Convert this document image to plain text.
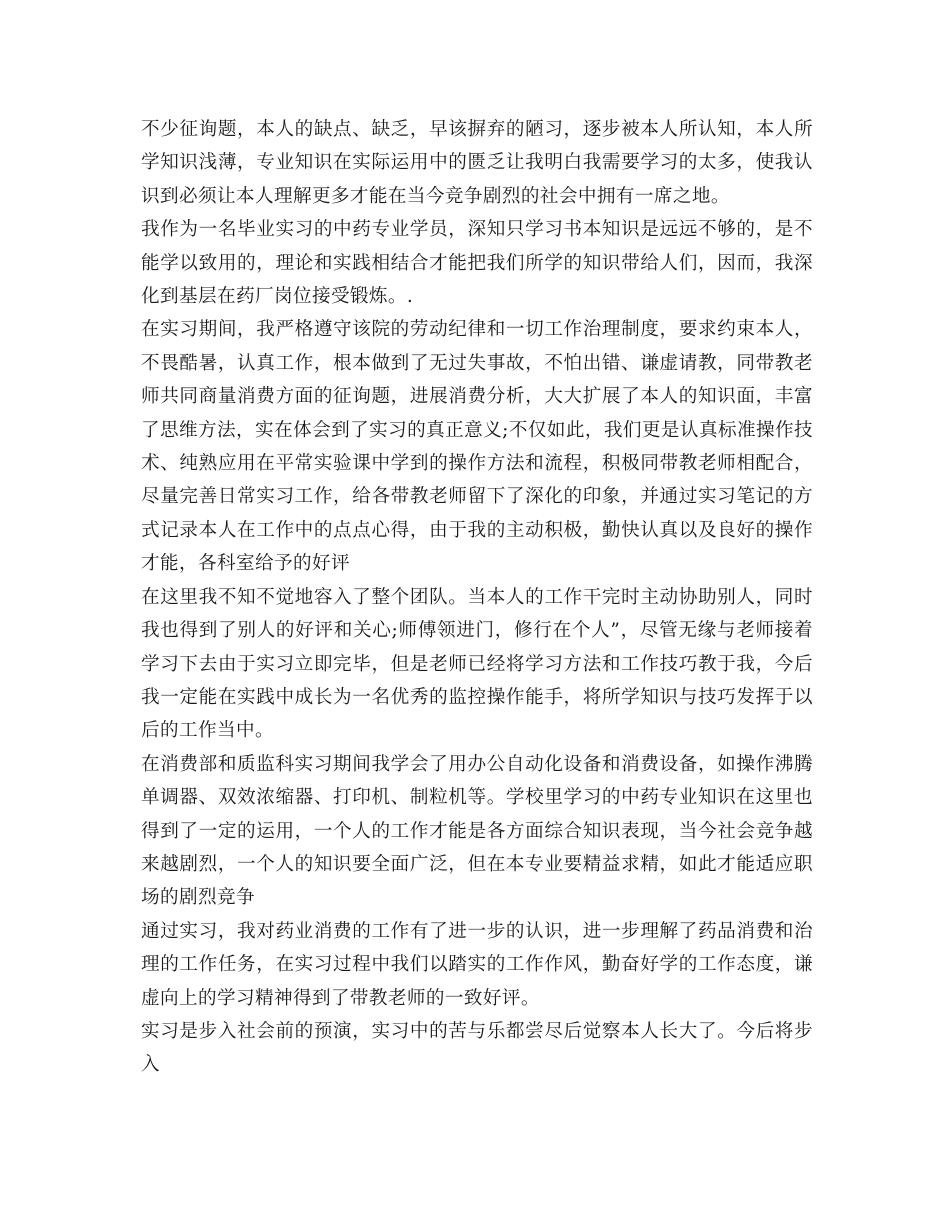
不少征询题，本人的缺点、缺乏，早该摒弃的陋习，逐步被本人所认知，本人所学知识浅薄，专业知识在实际运用中的匮乏让我明白我需要学习的太多，使我认识到必须让本人理解更多才能在当今竞争剧烈的社会中拥有一席之地。

我作为一名毕业实习的中药专业学员，深知只学习书本知识是远远不够的，是不能学以致用的，理论和实践相结合才能把我们所学的知识带给人们，因而，我深化到基层在药厂岗位接受锻炼。.

在实习期间，我严格遵守该院的劳动纪律和一切工作治理制度，要求约束本人，不畏酷暑，认真工作，根本做到了无过失事故，不怕出错、谦虚请教，同带教老师共同商量消费方面的征询题，进展消费分析，大大扩展了本人的知识面，丰富了思维方法，实在体会到了实习的真正意义;不仅如此，我们更是认真标准操作技术、纯熟应用在平常实验课中学到的操作方法和流程，积极同带教老师相配合，尽量完善日常实习工作，给各带教老师留下了深化的印象，并通过实习笔记的方式记录本人在工作中的点点心得，由于我的主动积极，勤快认真以及良好的操作才能，各科室给予的好评

在这里我不知不觉地容入了整个团队。当本人的工作干完时主动协助别人，同时我也得到了别人的好评和关心;师傅领进门，修行在个人”，尽管无缘与老师接着学习下去由于实习立即完毕，但是老师已经将学习方法和工作技巧教于我，今后我一定能在实践中成长为一名优秀的监控操作能手，将所学知识与技巧发挥于以后的工作当中。

在消费部和质监科实习期间我学会了用办公自动化设备和消费设备，如操作沸腾单调器、双效浓缩器、打印机、制粒机等。学校里学习的中药专业知识在这里也得到了一定的运用，一个人的工作才能是各方面综合知识表现，当今社会竞争越来越剧烈，一个人的知识要全面广泛，但在本专业要精益求精，如此才能适应职场的剧烈竞争

通过实习，我对药业消费的工作有了进一步的认识，进一步理解了药品消费和治理的工作任务，在实习过程中我们以踏实的工作作风，勤奋好学的工作态度，谦虚向上的学习精神得到了带教老师的一致好评。

实习是步入社会前的预演，实习中的苦与乐都尝尽后觉察本人长大了。今后将步入
